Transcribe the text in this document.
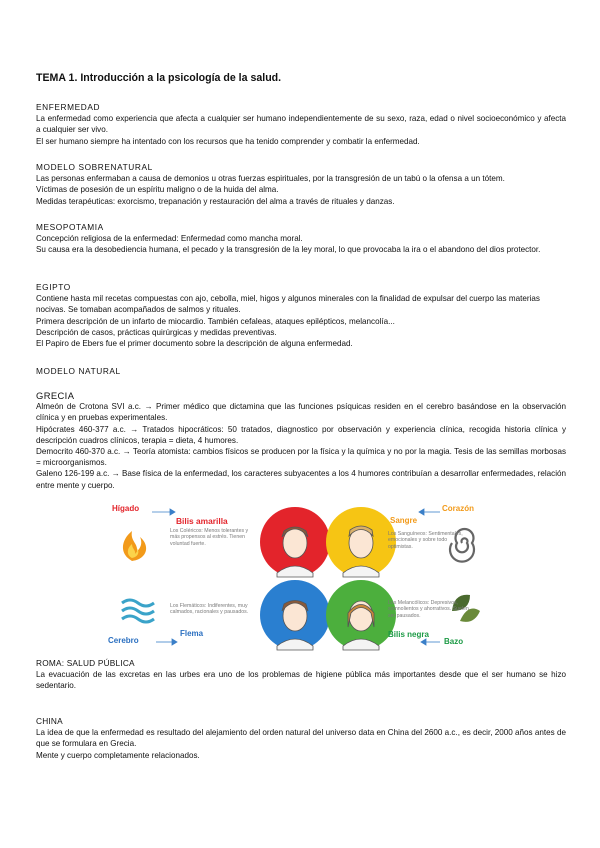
TEMA 1. Introducción a la psicología de la salud.

ENFERMEDAD

La enfermedad como experiencia que afecta a cualquier ser humano independientemente de su sexo, raza, edad o nivel socioeconómico y afecta a cualquier ser vivo.

El ser humano siempre ha intentado con los recursos que ha tenido comprender y combatir la enfermedad.

MODELO SOBRENATURAL

Las personas enfermaban a causa de demonios u otras fuerzas espirituales, por la transgresión de un tabú o la ofensa a un tótem.

Víctimas de posesión de un espíritu maligno o de la huida del alma.

Medidas terapéuticas: exorcismo, trepanación y restauración del alma a través de rituales y danzas.

MESOPOTAMIA

Concepción religiosa de la enfermedad: Enfermedad como mancha moral.

Su causa era la desobediencia humana, el pecado y la transgresión de la ley moral, lo que provocaba la ira o el abandono del dios protector.

EGIPTO

Contiene hasta mil recetas compuestas con ajo, cebolla, miel, higos y algunos minerales con la finalidad de expulsar del cuerpo las materias nocivas. Se tomaban acompañados de salmos y rituales.

Primera descripción de un infarto de miocardio. También cefaleas, ataques epilépticos, melancolía...

Descripción de casos, prácticas quirúrgicas y medidas preventivas.

El Papiro de Ebers fue el primer documento sobre la descripción de alguna enfermedad.

MODELO NATURAL

GRECIA

Almeón de Crotona SVI a.c. → Primer médico que dictamina que las funciones psíquicas residen en el cerebro basándose en la observación clínica y en pruebas experimentales.

Hipócrates 460-377 a.c. → Tratados hipocráticos: 50 tratados, diagnostico por observación y experiencia clínica, recogida historia clínica y descripción cuadros clínicos, terapia = dieta, 4 humores.

Democrito 460-370 a.c. → Teoría atomista: cambios físicos se producen por la física y la química y no por la magia. Tesis de las semillas morbosas = microorganismos.

Galeno 126-199 a.c. → Base física de la enfermedad, los caracteres subyacentes a los 4 humores contribuían a desarrollar enfermedades, relación entre mente y cuerpo.

Hígado
Bilis amarilla
Los Coléricos: Menos tolerantes y más propensos al estrés. Tienen voluntad fuerte.
Sangre
Corazón
Los Sanguíneos: Sentimentales, emocionales y sobre todo optimistas.
Los Flemáticos: Indiferentes, muy calmados, racionales y pausados.
Cerebro
Flema
Los Melancólicos: Depresivos, somnolientos y ahorrativos. Suelen ser pausados.
Bilis negra
Bazo

ROMA: SALUD PÚBLICA

La evacuación de las excretas en las urbes era uno de los problemas de higiene pública más importantes desde que el ser humano se hizo sedentario.

CHINA

La idea de que la enfermedad es resultado del alejamiento del orden natural del universo data en China del 2600 a.c., es decir, 2000 años antes de que se formulara en Grecia.

Mente y cuerpo completamente relacionados.
